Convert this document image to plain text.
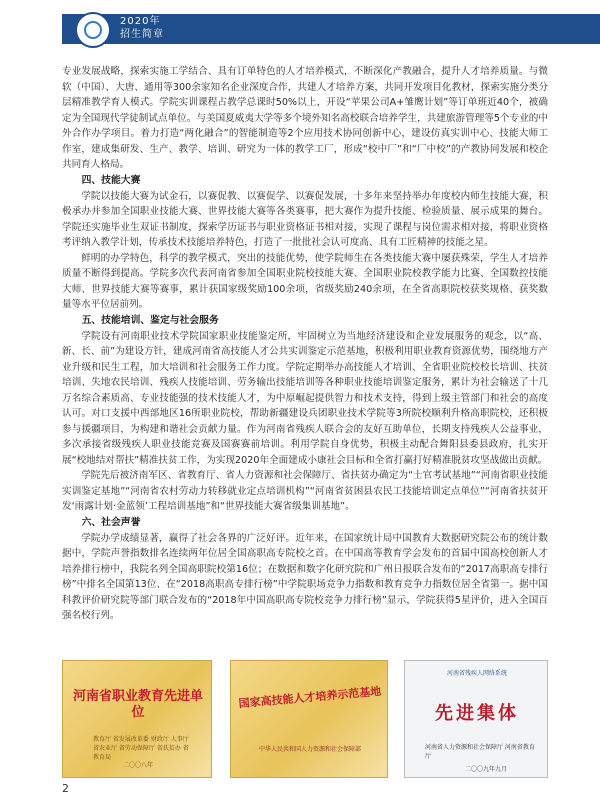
2020年
招生简章

专业发展战略，探索实施工学结合、具有订单特色的人才培养模式，不断深化产教融合，提升人才培养质量。与微软（中国）、大唐、通用等300余家知名企业深度合作，共建人才培养方案，共同开发项目化教材，探索实施分类分层精准教学育人模式。学院实训课程占教学总课时50%以上，开设“苹果公司A+雏鹰计划”等订单班近40个，被确定为全国现代学徒制试点单位。与美国夏威夷大学等多个境外知名高校联合培养学生，共建旅游管理等5个专业的中外合作办学项目。着力打造“两化融合”的智能制造等2个应用技术协同创新中心，建设仿真实训中心、技能大师工作室，建成集研发、生产、教学、培训、研究为一体的教学工厂，形成“校中厂”和“厂中校”的产教协同发展和校企共同育人格局。

四、技能大赛

学院以技能大赛为试金石，以赛促教、以赛促学、以赛促发展，十多年来坚持举办年度校内师生技能大赛，积极承办并参加全国职业技能大赛、世界技能大赛等各类赛事，把大赛作为提升技能、检验质量、展示成果的舞台。学院还实施毕业生双证书制度，探索学历证书与职业资格证书相对接，实现了课程与岗位需求相对接，将职业资格考评纳入教学计划，传承技术技能培养特色，打造了一批批社会认可度高、具有工匠精神的技能之星。

鲜明的办学特色，科学的教学模式，突出的技能优势，使学院师生在各类技能大赛中屡获殊荣，学生人才培养质量不断得到提高。学院多次代表河南省参加全国职业院校技能大赛、全国职业院校教学能力比赛、全国数控技能大师、世界技能大赛等赛事，累计获国家级奖励100余项，省级奖励240余项，在全省高职院校获奖规格、获奖数量等水平位居前列。

五、技能培训、鉴定与社会服务

学院设有河南职业技术学院国家职业技能鉴定所，牢固树立为当地经济建设和企业发展服务的观念，以“高、新、长、前”为建设方针，建成河南省高技能人才公共实训鉴定示范基地，积极利用职业教育资源优势，围绕地方产业升级和民生工程，加大培训和社会服务工作力度。学院定期举办高技能人才培训、全省职业院校校长培训、扶贫培训、失地农民培训、残疾人技能培训、劳务输出技能培训等各种职业技能培训鉴定服务，累计为社会输送了十几万名综合素质高、专业技能强的技术技能人才，为中原崛起提供智力和技术支持，得到上级主管部门和社会的高度认可。对口支援中西部地区16所职业院校，帮助新疆建设兵团职业技术学院等3所院校顺利升格高职院校，还积极参与援疆项目，为构建和谐社会贡献力量。作为河南省残疾人联合会的友好互助单位，长期支持残疾人公益事业，多次承接省级残疾人职业技能竞赛及国赛赛前培训。利用学院自身优势，积极主动配合舞阳县委县政府，扎实开展“校地结对帮扶”精准扶贫工作，为实现2020年全面建成小康社会目标和全省打赢打好精准脱贫攻坚战做出贡献。

学院先后被济南军区、省教育厅、省人力资源和社会保障厅、省扶贫办确定为“士官考试基地”“河南省职业技能实训鉴定基地”“河南省农村劳动力转移就业定点培训机构”“河南省贫困县农民工技能培训定点单位”“河南省扶贫开发‘雨露计划·金蓝领’工程培训基地”和“世界技能大赛省级集训基地”。

六、社会声誉

学院办学成绩显著，赢得了社会各界的广泛好评。近年来，在国家统计局中国教育大数据研究院公布的统计数据中，学院声誉指数排名连续两年位居全国高职高专院校之首。在中国高等教育学会发布的首届中国高校创新人才培养排行榜中，我院名列全国高职院校第16位；在数据和数字化研究院和广州日报联合发布的“2017高职高专排行榜”中排名全国第13位、在“2018高职高专排行榜”中学院职场竞争力指数和教育竞争力指数位居全省第一。据中国科教评价研究院等部门联合发布的“2018年中国高职高专院校竞争力排行榜”显示，学院获得5星评价，进入全国百强名校行列。

河南省职业教育先进单位
教育厅 省发展改革委 财政厅 人事厅 省农业厅 省劳动保障厅 省扶贫办 省教育局
二〇〇八年
国家高技能人才培养示范基地
中华人民共和国人力资源和社会保障部
河南省残疾人网络系统
先进集体
河南省人力资源和社会保障厅 河南省教育厅
二〇〇九年九月
2
